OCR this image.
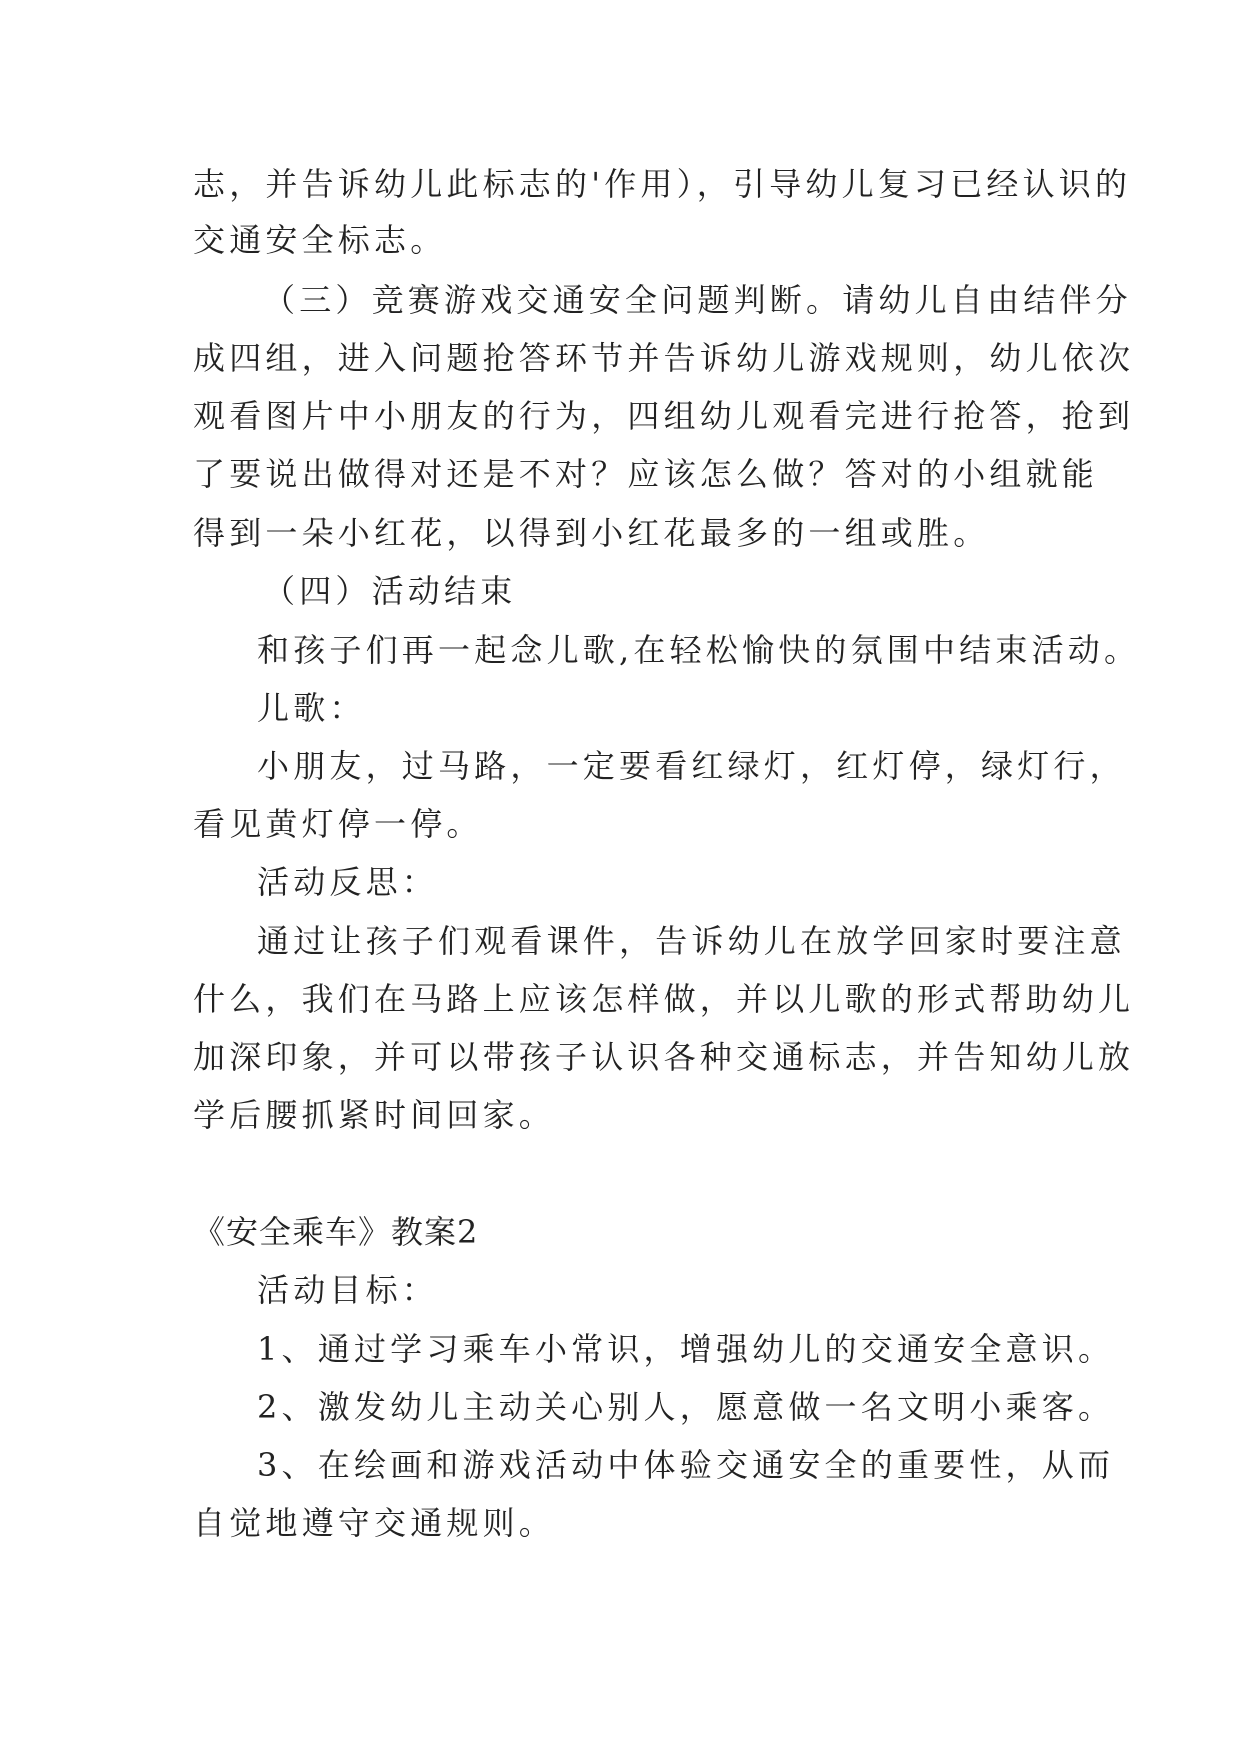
志，并告诉幼儿此标志的'作用），引导幼儿复习已经认识的
交通安全标志。
（三）竞赛游戏交通安全问题判断。请幼儿自由结伴分
成四组，进入问题抢答环节并告诉幼儿游戏规则，幼儿依次
观看图片中小朋友的行为，四组幼儿观看完进行抢答，抢到
了要说出做得对还是不对？应该怎么做？答对的小组就能
得到一朵小红花，以得到小红花最多的一组或胜。
（四）活动结束
和孩子们再一起念儿歌,在轻松愉快的氛围中结束活动。
儿歌：
小朋友，过马路，一定要看红绿灯，红灯停，绿灯行，
看见黄灯停一停。
活动反思：
通过让孩子们观看课件，告诉幼儿在放学回家时要注意
什么，我们在马路上应该怎样做，并以儿歌的形式帮助幼儿
加深印象，并可以带孩子认识各种交通标志，并告知幼儿放
学后腰抓紧时间回家。
《安全乘车》教案2
活动目标：
1、通过学习乘车小常识，增强幼儿的交通安全意识。
2、激发幼儿主动关心别人，愿意做一名文明小乘客。
3、在绘画和游戏活动中体验交通安全的重要性，从而
自觉地遵守交通规则。
